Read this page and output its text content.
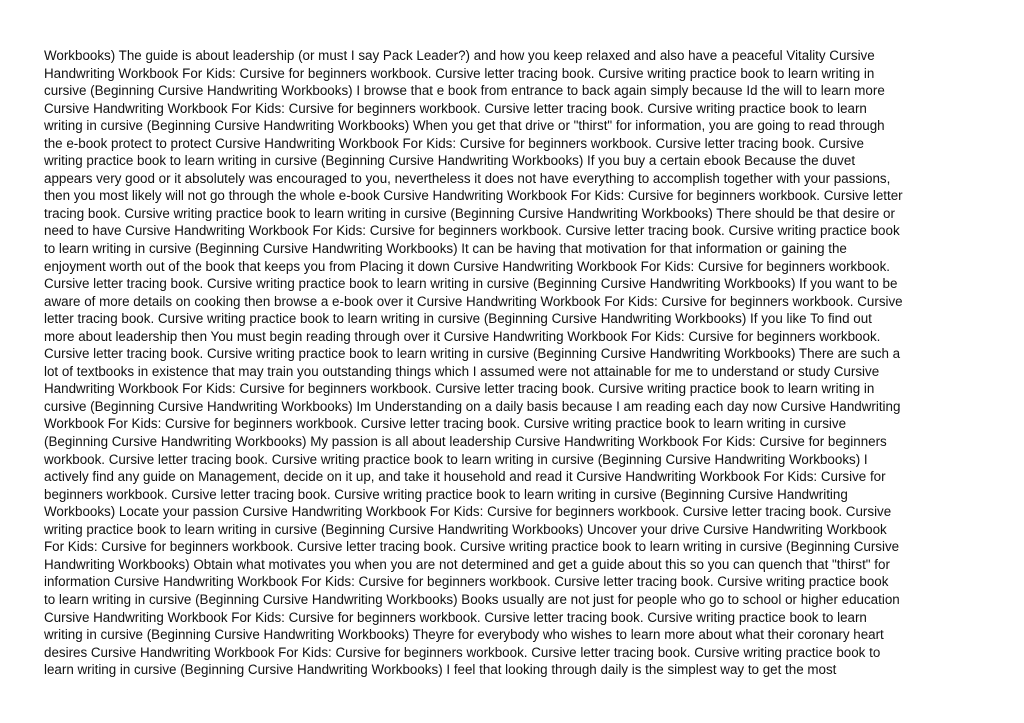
Workbooks) The guide is about leadership (or must I say Pack Leader?) and how you keep relaxed and also have a peaceful Vitality Cursive
Handwriting Workbook For Kids: Cursive for beginners workbook. Cursive letter tracing book. Cursive writing practice book to learn writing in
cursive (Beginning Cursive Handwriting Workbooks) I browse that e book from entrance to back again simply because Id the will to learn more
Cursive Handwriting Workbook For Kids: Cursive for beginners workbook. Cursive letter tracing book. Cursive writing practice book to learn
writing in cursive (Beginning Cursive Handwriting Workbooks) When you get that drive or "thirst" for information, you are going to read through
the e-book protect to protect Cursive Handwriting Workbook For Kids: Cursive for beginners workbook. Cursive letter tracing book. Cursive
writing practice book to learn writing in cursive (Beginning Cursive Handwriting Workbooks) If you buy a certain ebook Because the duvet
appears very good or it absolutely was encouraged to you, nevertheless it does not have everything to accomplish together with your passions,
then you most likely will not go through the whole e-book Cursive Handwriting Workbook For Kids: Cursive for beginners workbook. Cursive letter
tracing book. Cursive writing practice book to learn writing in cursive (Beginning Cursive Handwriting Workbooks) There should be that desire or
need to have Cursive Handwriting Workbook For Kids: Cursive for beginners workbook. Cursive letter tracing book. Cursive writing practice book
to learn writing in cursive (Beginning Cursive Handwriting Workbooks) It can be having that motivation for that information or gaining the
enjoyment worth out of the book that keeps you from Placing it down Cursive Handwriting Workbook For Kids: Cursive for beginners workbook.
Cursive letter tracing book. Cursive writing practice book to learn writing in cursive (Beginning Cursive Handwriting Workbooks) If you want to be
aware of more details on cooking then browse a e-book over it Cursive Handwriting Workbook For Kids: Cursive for beginners workbook. Cursive
letter tracing book. Cursive writing practice book to learn writing in cursive (Beginning Cursive Handwriting Workbooks) If you like To find out
more about leadership then You must begin reading through over it Cursive Handwriting Workbook For Kids: Cursive for beginners workbook.
Cursive letter tracing book. Cursive writing practice book to learn writing in cursive (Beginning Cursive Handwriting Workbooks) There are such a
lot of textbooks in existence that may train you outstanding things which I assumed were not attainable for me to understand or study Cursive
Handwriting Workbook For Kids: Cursive for beginners workbook. Cursive letter tracing book. Cursive writing practice book to learn writing in
cursive (Beginning Cursive Handwriting Workbooks) Im Understanding on a daily basis because I am reading each day now Cursive Handwriting
Workbook For Kids: Cursive for beginners workbook. Cursive letter tracing book. Cursive writing practice book to learn writing in cursive
(Beginning Cursive Handwriting Workbooks) My passion is all about leadership Cursive Handwriting Workbook For Kids: Cursive for beginners
workbook. Cursive letter tracing book. Cursive writing practice book to learn writing in cursive (Beginning Cursive Handwriting Workbooks) I
actively find any guide on Management, decide on it up, and take it household and read it Cursive Handwriting Workbook For Kids: Cursive for
beginners workbook. Cursive letter tracing book. Cursive writing practice book to learn writing in cursive (Beginning Cursive Handwriting
Workbooks) Locate your passion Cursive Handwriting Workbook For Kids: Cursive for beginners workbook. Cursive letter tracing book. Cursive
writing practice book to learn writing in cursive (Beginning Cursive Handwriting Workbooks) Uncover your drive Cursive Handwriting Workbook
For Kids: Cursive for beginners workbook. Cursive letter tracing book. Cursive writing practice book to learn writing in cursive (Beginning Cursive
Handwriting Workbooks) Obtain what motivates you when you are not determined and get a guide about this so you can quench that "thirst" for
information Cursive Handwriting Workbook For Kids: Cursive for beginners workbook. Cursive letter tracing book. Cursive writing practice book
to learn writing in cursive (Beginning Cursive Handwriting Workbooks) Books usually are not just for people who go to school or higher education
Cursive Handwriting Workbook For Kids: Cursive for beginners workbook. Cursive letter tracing book. Cursive writing practice book to learn
writing in cursive (Beginning Cursive Handwriting Workbooks) Theyre for everybody who wishes to learn more about what their coronary heart
desires Cursive Handwriting Workbook For Kids: Cursive for beginners workbook. Cursive letter tracing book. Cursive writing practice book to
learn writing in cursive (Beginning Cursive Handwriting Workbooks) I feel that looking through daily is the simplest way to get the most
